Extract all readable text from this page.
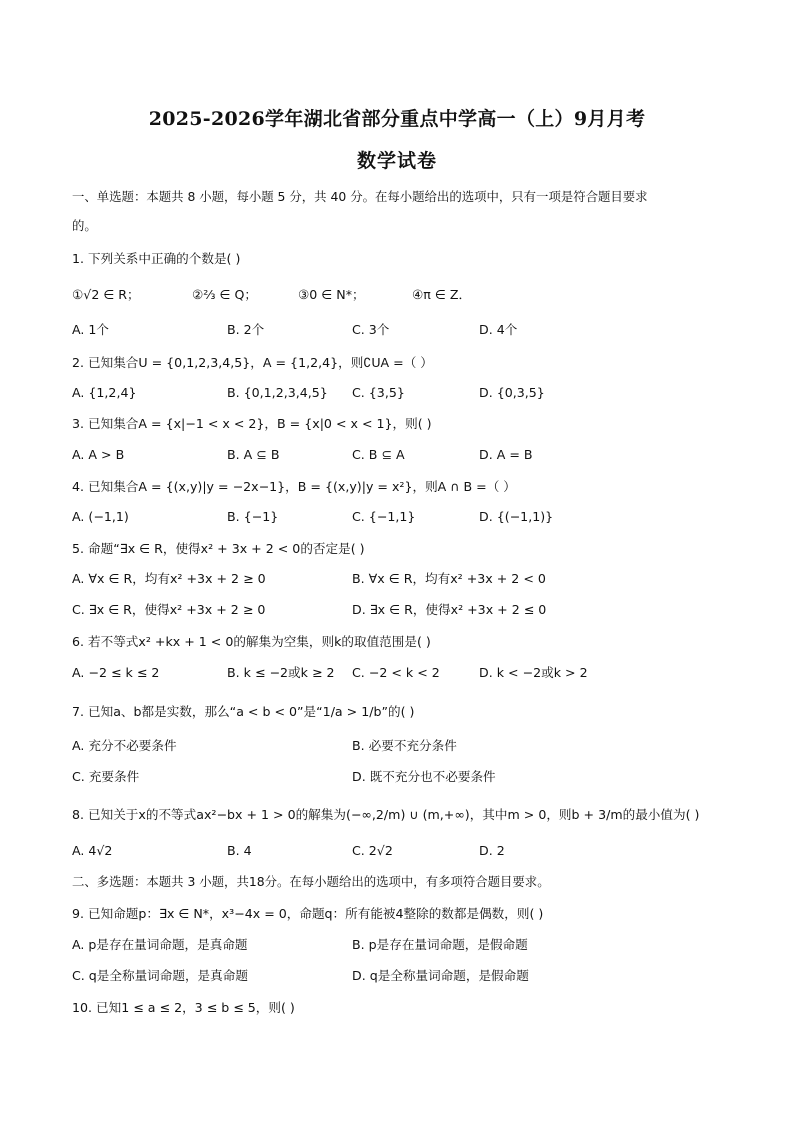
2025-2026学年湖北省部分重点中学高一（上）9月月考
数学试卷
一、单选题：本题共 8 小题，每小题 5 分，共 40 分。在每小题给出的选项中，只有一项是符合题目要求
的。
1. 下列关系中正确的个数是( )
①√2 ∈ R；	②⅔ ∈ Q；	③0 ∈ N*；	④π ∈ Z．
A. 1个	B. 2个	C. 3个	D. 4个
2. 已知集合U = {0,1,2,3,4,5}，A = {1,2,4}，则∁UA =（ ）
A. {1,2,4}	B. {0,1,2,3,4,5} C. {3,5}	D. {0,3,5}
3. 已知集合A = {x|−1 < x < 2}，B = {x|0 < x < 1}，则( )
A. A > B	B. A ⊆ B	C. B ⊆ A	D. A = B
4. 已知集合A = {(x,y)|y = −2x−1}，B = {(x,y)|y = x²}，则A ∩ B =（ ）
A. (−1,1)	B. {−1}	C. {−1,1}	D. {(−1,1)}
5. 命题“∃x ∈ R，使得x² + 3x + 2 < 0的否定是( )
A. ∀x ∈ R，均有x² +3x + 2 ≥ 0	B. ∀x ∈ R，均有x² +3x + 2 < 0
C. ∃x ∈ R，使得x² +3x + 2 ≥ 0	D. ∃x ∈ R，使得x² +3x + 2 ≤ 0
6. 若不等式x² +kx + 1 < 0的解集为空集，则k的取值范围是( )
A. −2 ≤ k ≤ 2	B. k ≤ −2或k ≥ 2 C. −2 < k < 2	D. k < −2或k > 2
7. 已知a、b都是实数，那么“a < b < 0”是“1/a > 1/b”的( )
A. 充分不必要条件	B. 必要不充分条件
C. 充要条件	D. 既不充分也不必要条件
8. 已知关于x的不等式ax²−bx + 1 > 0的解集为(−∞,2/m) ∪ (m,+∞)，其中m > 0，则b + 3/m的最小值为( )
A. 4√2	B. 4	C. 2√2	D. 2
二、多选题：本题共 3 小题，共18分。在每小题给出的选项中，有多项符合题目要求。
9. 已知命题p：∃x ∈ N*，x³−4x = 0，命题q：所有能被4整除的数都是偶数，则( )
A. p是存在量词命题，是真命题	B. p是存在量词命题，是假命题
C. q是全称量词命题，是真命题	D. q是全称量词命题，是假命题
10. 已知1 ≤ a ≤ 2，3 ≤ b ≤ 5，则( )
